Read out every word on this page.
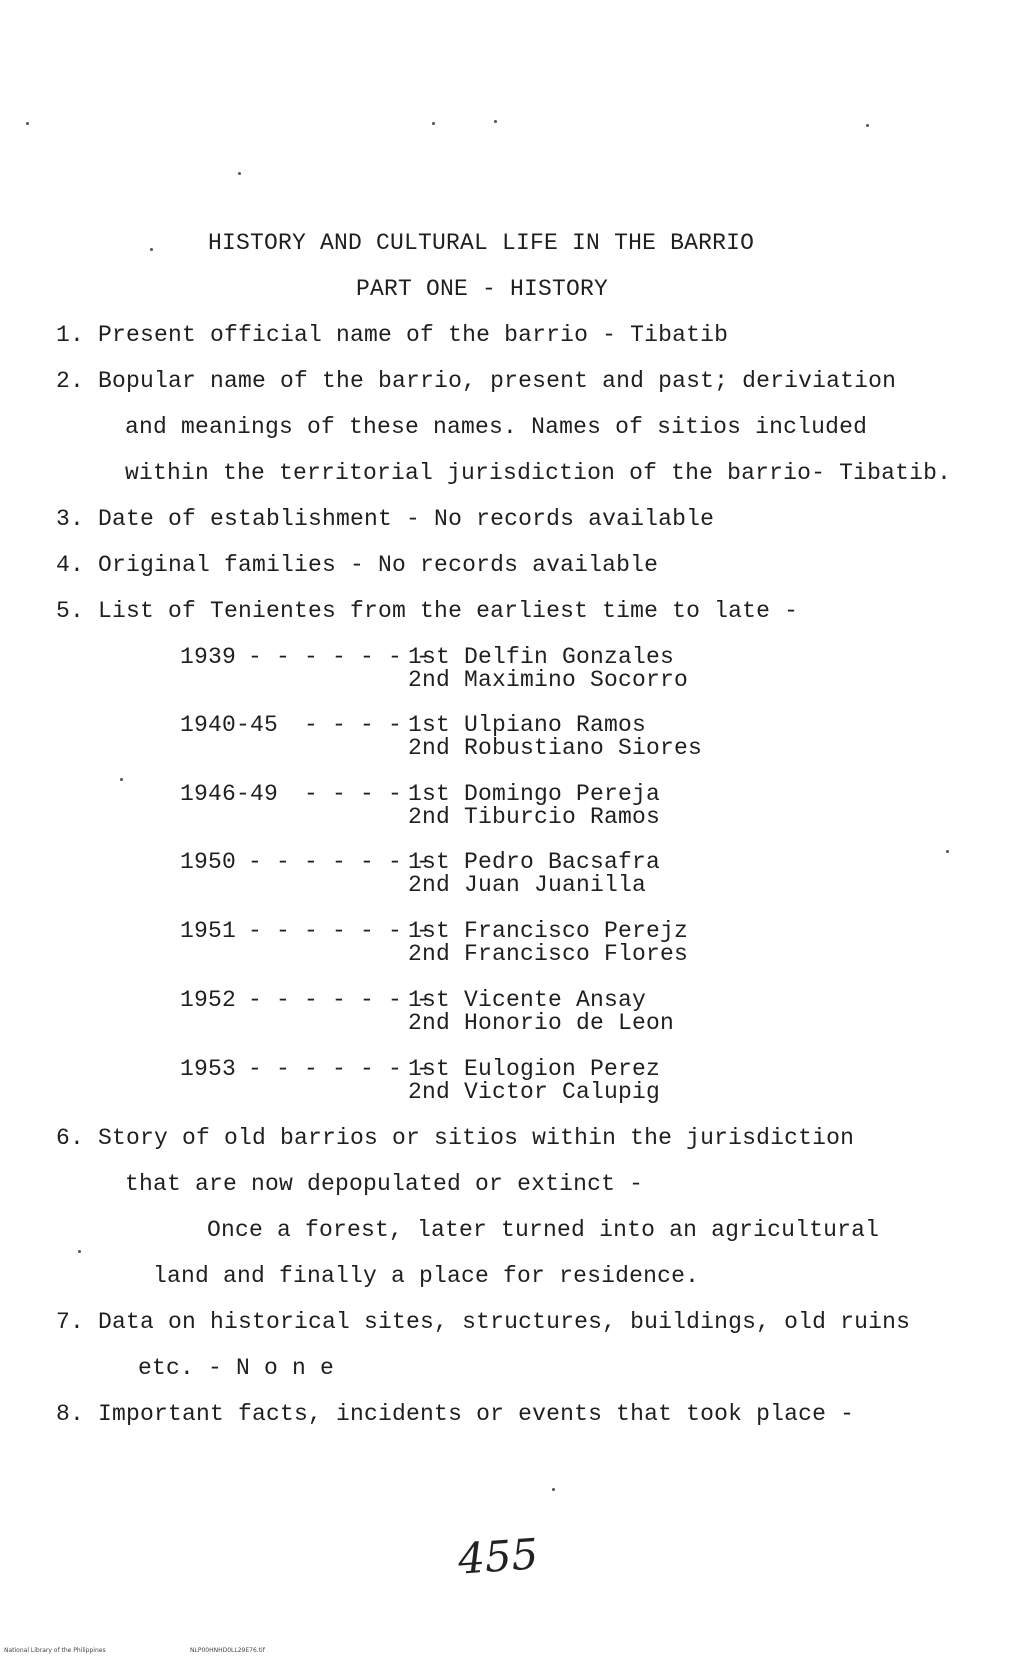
HISTORY AND CULTURAL LIFE IN THE BARRIO
PART ONE - HISTORY
1. Present official name of the barrio - Tibatib
2. Bopular name of the barrio, present and past; deriviation
and meanings of these names. Names of sitios included
within the territorial jurisdiction of the barrio- Tibatib.
3. Date of establishment - No records available
4. Original families - No records available
5. List of Tenientes from the earliest time to late -
1939 - - - - - - -
1st Delfin Gonzales
2nd Maximino Socorro
1940-45 - - - - 1st Ulpiano Ramos
2nd Robustiano Siores
1946-49 - - - - 1st Domingo Pereja
2nd Tiburcio Ramos
1950 - - - - - - -
1st Pedro Bacsafra
2nd Juan Juanilla
1951 - - - - - - -
1st Francisco Perejz
2nd Francisco Flores
1952 - - - - - - -
1st Vicente Ansay
2nd Honorio de Leon
1953 - - - - - - -
1st Eulogion Perez
2nd Victor Calupig
6. Story of old barrios or sitios within the jurisdiction
that are now depopulated or extinct -
Once a forest, later turned into an agricultural
land and finally a place for residence.
7. Data on historical sites, structures, buildings, old ruins
etc. - N o n e
8. Important facts, incidents or events that took place -
455
National Library of the Philippines	NLP00HNHD0LL29E76.tif
